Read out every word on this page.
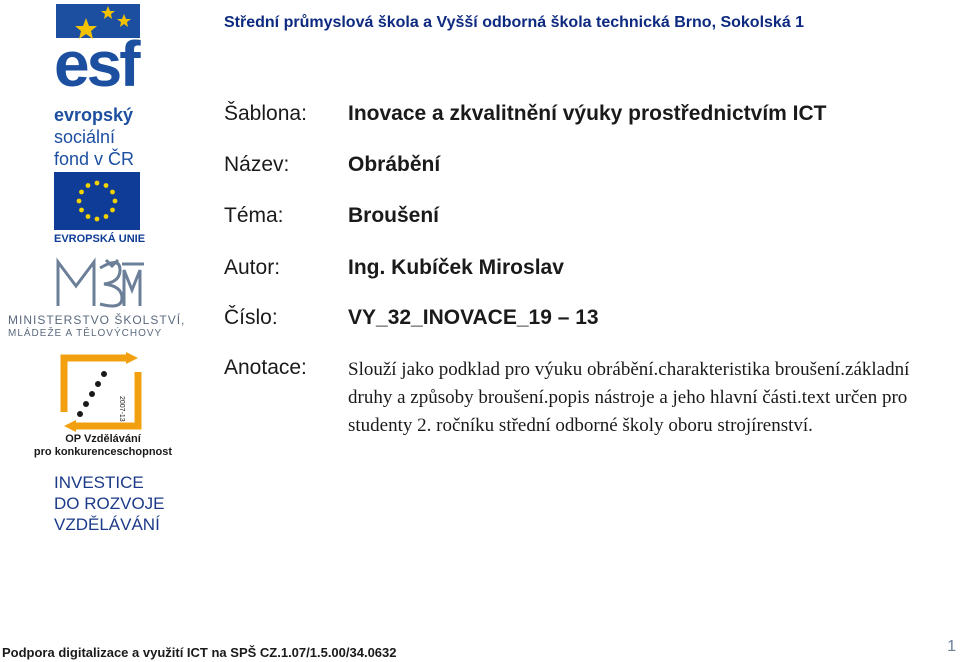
Střední průmyslová škola a Vyšší odborná škola technická Brno, Sokolská 1
esf
evropský
sociální
fond v ČR
EVROPSKÁ UNIE
MINISTERSTVO ŠKOLSTVÍ,
MLÁDEŽE A TĚLOVÝCHOVY
2007-13
OP Vzdělávání
pro konkurenceschopnost
INVESTICE
DO ROZVOJE
VZDĚLÁVÁNÍ
Šablona: Inovace a zkvalitnění výuky prostřednictvím ICT
Název:	Obrábění
Téma:	Broušení
Autor:	Ing. Kubíček Miroslav
Číslo:	VY_32_INOVACE_19 – 13
Anotace: Slouží jako podklad pro výuku obrábění.charakteristika broušení.základní druhy a způsoby broušení.popis nástroje a jeho hlavní části.text určen pro studenty 2. ročníku střední odborné školy oboru strojírenství.
Podpora digitalizace a využití ICT na SPŠ CZ.1.07/1.5.00/34.0632	1
